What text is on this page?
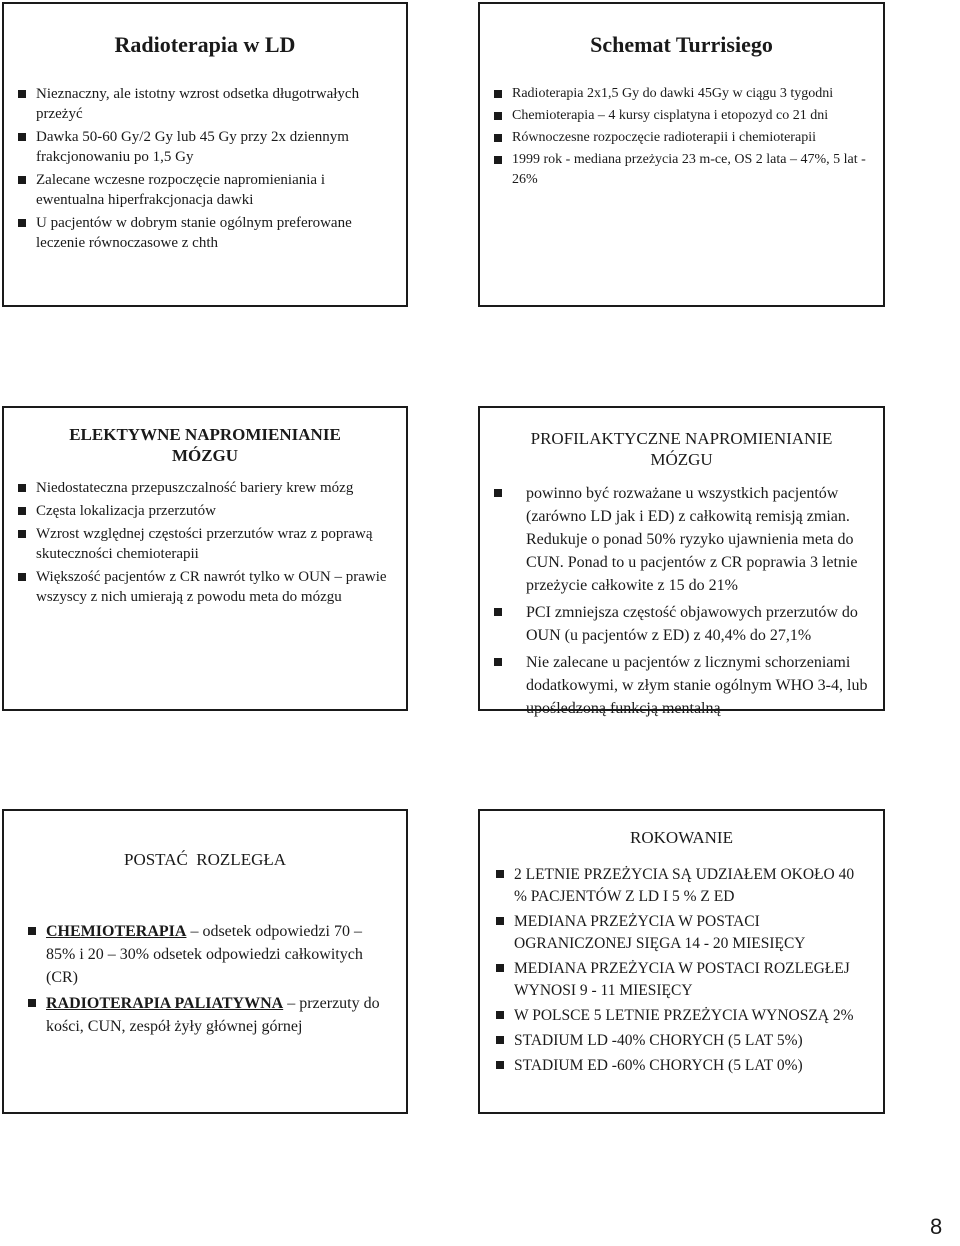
Radioterapia w LD
Nieznaczny, ale istotny wzrost odsetka długotrwałych przeżyć
Dawka 50-60 Gy/2 Gy lub 45 Gy przy 2x dziennym frakcjonowaniu po 1,5 Gy
Zalecane wczesne rozpoczęcie napromieniania i ewentualna hiperfrakcjonacja dawki
U pacjentów w dobrym stanie ogólnym preferowane leczenie równoczasowe z chth
Schemat Turrisiego
Radioterapia 2x1,5 Gy do dawki 45Gy w ciągu 3 tygodni
Chemioterapia – 4 kursy cisplatyna i etopozyd co 21 dni
Równoczesne rozpoczęcie radioterapii i chemioterapii
1999 rok - mediana przeżycia 23 m-ce, OS 2 lata – 47%, 5 lat - 26%
ELEKTYWNE NAPROMIENIANIE
MÓZGU
Niedostateczna przepuszczalność bariery krew mózg
Częsta lokalizacja przerzutów
Wzrost względnej częstości przerzutów wraz z poprawą skuteczności chemioterapii
Większość pacjentów z CR nawrót tylko w OUN – prawie wszyscy z nich umierają z powodu meta do mózgu
PROFILAKTYCZNE NAPROMIENIANIE
MÓZGU
powinno być rozważane u wszystkich pacjentów (zarówno LD jak i ED) z całkowitą remisją zmian. Redukuje o ponad 50% ryzyko ujawnienia meta do CUN. Ponad to u pacjentów z CR poprawia 3 letnie przeżycie całkowite z 15 do 21%
PCI zmniejsza częstość objawowych przerzutów do OUN (u pacjentów z ED) z 40,4% do 27,1%
Nie zalecane u pacjentów z licznymi schorzeniami dodatkowymi, w złym stanie ogólnym WHO 3-4, lub upośledzoną funkcją mentalną
POSTAĆ  ROZLEGŁA
CHEMIOTERAPIA – odsetek odpowiedzi 70 – 85% i 20 – 30% odsetek odpowiedzi całkowitych (CR)
RADIOTERAPIA PALIATYWNA – przerzuty do kości, CUN, zespół żyły głównej górnej
ROKOWANIE
2 LETNIE PRZEŻYCIA SĄ UDZIAŁEM OKOŁO 40 % PACJENTÓW Z LD I 5 % Z ED
MEDIANA PRZEŻYCIA W POSTACI OGRANICZONEJ SIĘGA 14 - 20 MIESIĘCY
MEDIANA PRZEŻYCIA W POSTACI ROZLEGŁEJ WYNOSI 9 - 11 MIESIĘCY
W POLSCE 5 LETNIE PRZEŻYCIA WYNOSZĄ 2%
STADIUM LD -40% CHORYCH (5 LAT 5%)
STADIUM ED -60% CHORYCH (5 LAT 0%)
8
